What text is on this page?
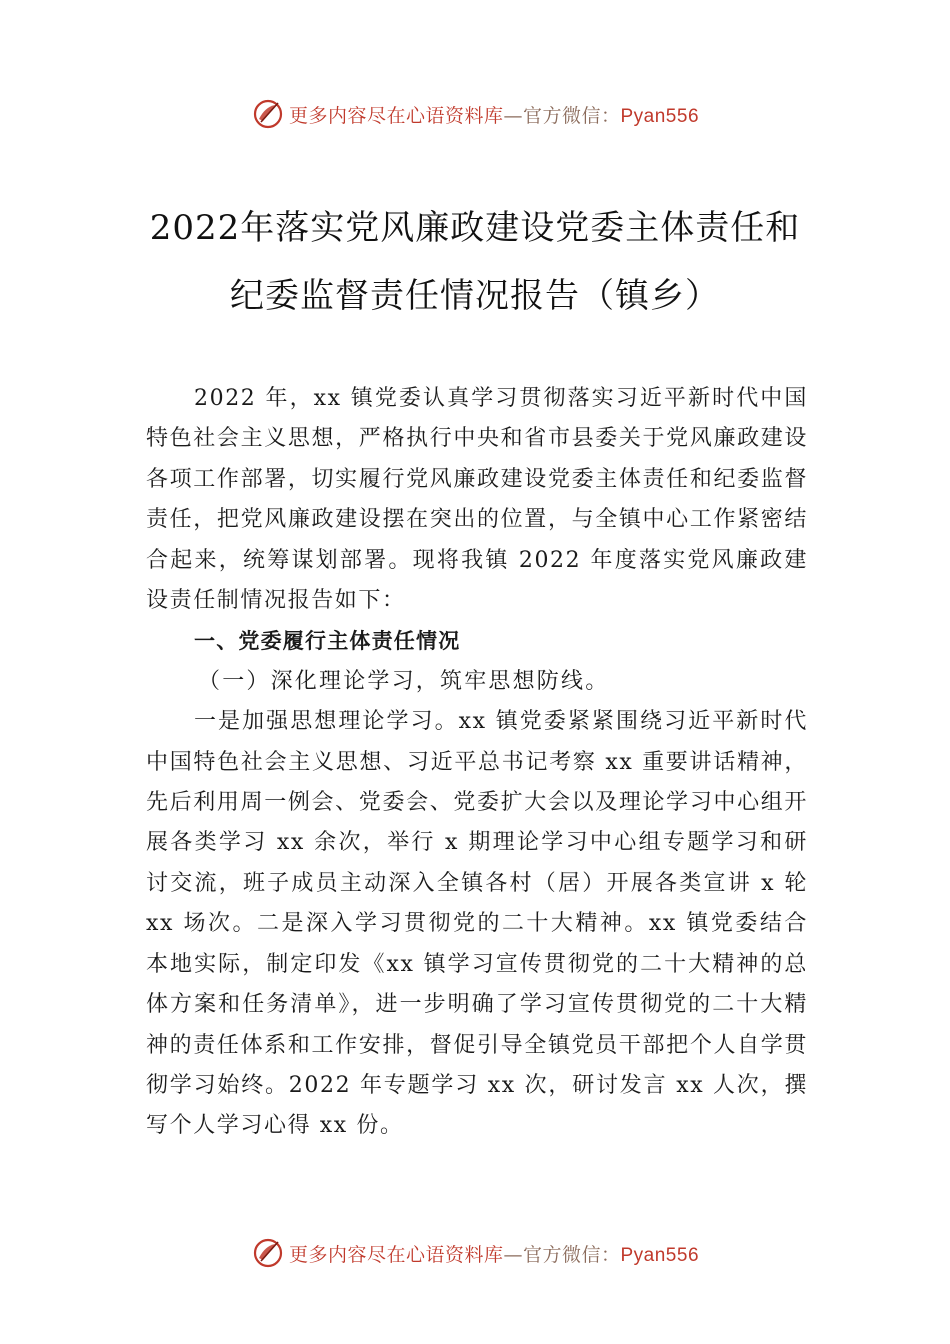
更多内容尽在心语资料库—官方微信：Pyan556
2022年落实党风廉政建设党委主体责任和
纪委监督责任情况报告（镇乡）

2022 年，xx 镇党委认真学习贯彻落实习近平新时代中国特色社会主义思想，严格执行中央和省市县委关于党风廉政建设各项工作部署，切实履行党风廉政建设党委主体责任和纪委监督责任，把党风廉政建设摆在突出的位置，与全镇中心工作紧密结合起来，统筹谋划部署。现将我镇 2022 年度落实党风廉政建设责任制情况报告如下：

一、党委履行主体责任情况

（一）深化理论学习，筑牢思想防线。

一是加强思想理论学习。xx 镇党委紧紧围绕习近平新时代中国特色社会主义思想、习近平总书记考察 xx 重要讲话精神，先后利用周一例会、党委会、党委扩大会以及理论学习中心组开展各类学习 xx 余次，举行 x 期理论学习中心组专题学习和研讨交流，班子成员主动深入全镇各村（居）开展各类宣讲 x 轮 xx 场次。二是深入学习贯彻党的二十大精神。xx 镇党委结合本地实际，制定印发《xx 镇学习宣传贯彻党的二十大精神的总体方案和任务清单》，进一步明确了学习宣传贯彻党的二十大精神的责任体系和工作安排，督促引导全镇党员干部把个人自学贯彻学习始终。2022 年专题学习 xx 次，研讨发言 xx 人次，撰写个人学习心得 xx 份。

更多内容尽在心语资料库—官方微信：Pyan556
